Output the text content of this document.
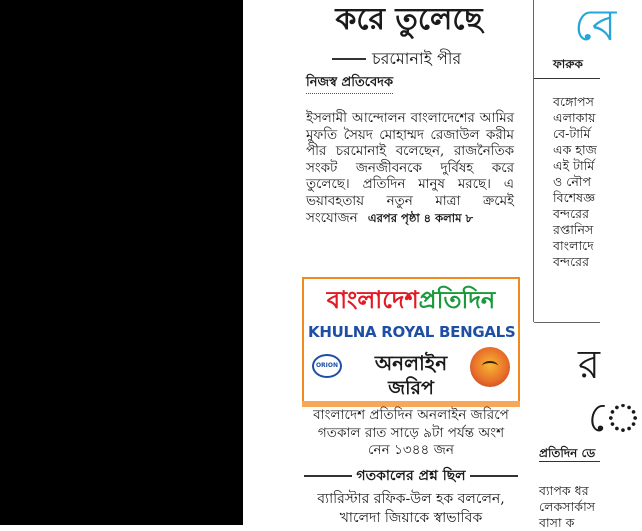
করে তুলেছে
চরমোনাই পীর
নিজস্ব প্রতিবেদক
ইসলামী আন্দোলন বাংলাদেশের আমির মুফতি সৈয়দ মোহাম্মদ রেজাউল করীম পীর চরমোনাই বলেছেন, রাজনৈতিক সংকট জনজীবনকে দুর্বিষহ করে তুলেছে। প্রতিদিন মানুষ মরছে। এ ভয়াবহতায় নতুন মাত্রা ক্রমেই সংযোজন এরপর পৃষ্ঠা ৪ কলাম ৮
বাংলাদেশপ্রতিদিন
KHULNA ROYAL BENGALS
ORION	অনলাইন
জরিপ
বাংলাদেশ প্রতিদিন অনলাইন জরিপে গতকাল রাত সাড়ে ৯টা পর্যন্ত অংশ নেন ১৩৪৪ জন
গতকালের প্রশ্ন ছিল
ব্যারিস্টার রফিক-উল হক বললেন, খালেদা জিয়াকে স্বাভাবিক
বে
ফারুক
বঙ্গোপস
এলাকায়
বে-টার্মি
এক হাজ
এই টার্মি
ও নৌপ
বিশেষজ্ঞ
বন্দরের
রপ্তানিস
বাংলাদে
বন্দরের
র
ে
প্রতিদিন ডে
ব্যাপক ধর
লেকসার্কাস
বাসা ক
